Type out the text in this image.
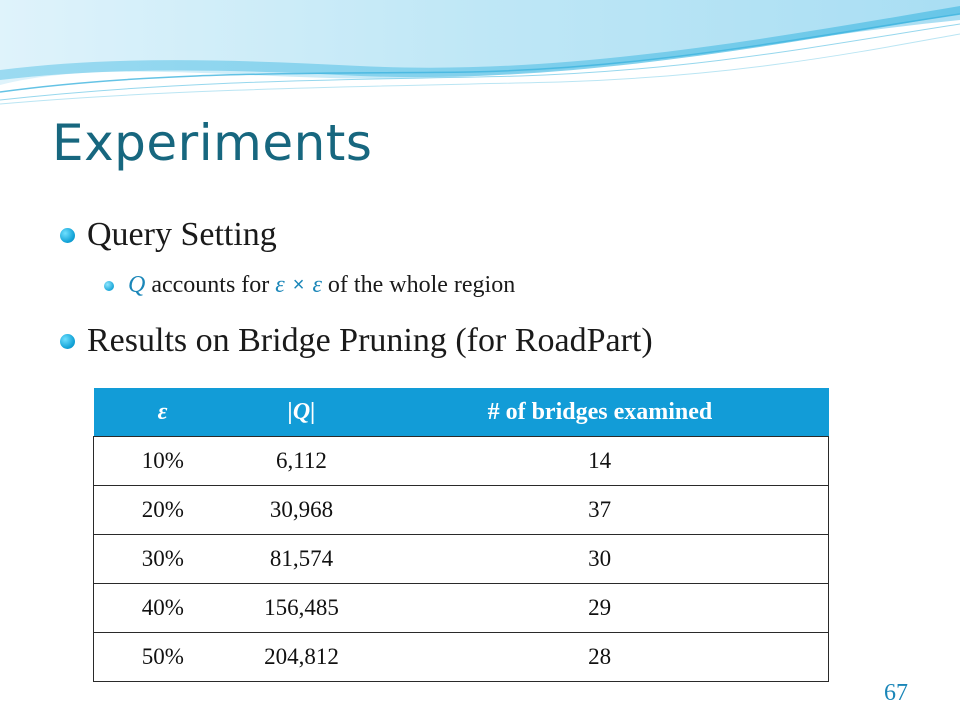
Experiments
Query Setting
Q accounts for ε × ε of the whole region
Results on Bridge Pruning (for RoadPart)
ε	|Q|	# of bridges examined
10%	6,112	14
20%	30,968	37
30%	81,574	30
40%	156,485	29
50%	204,812	28
67
